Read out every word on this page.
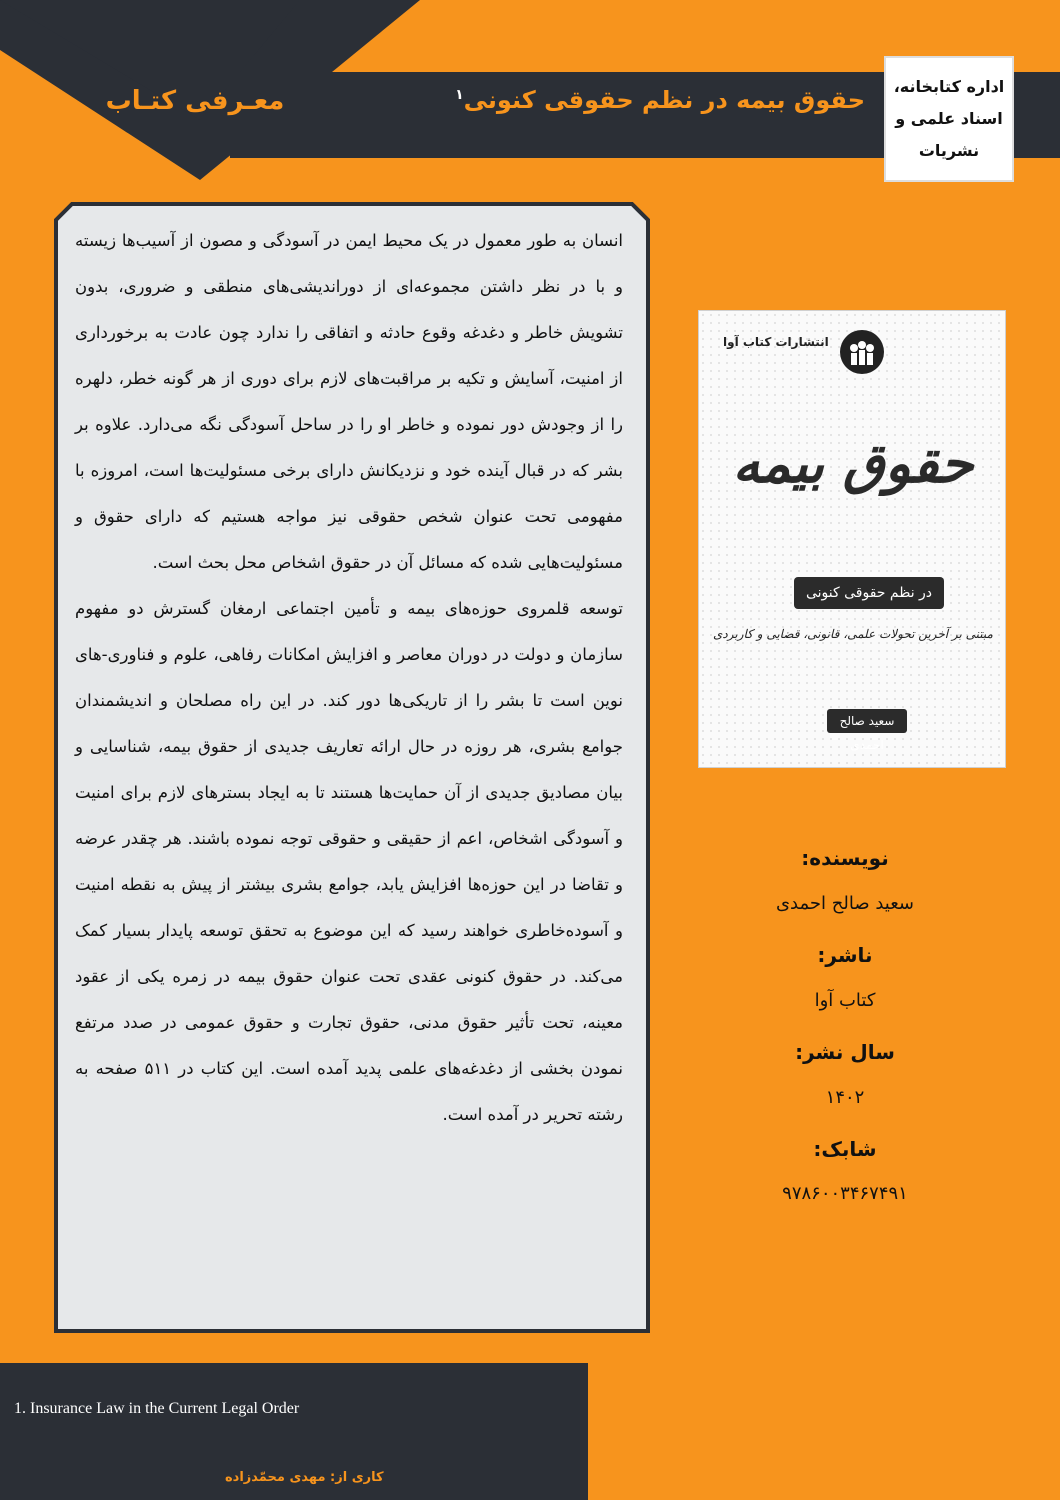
معـرفی کتـاب	حقوق بیمه در نظم حقوقی کنونی$^۱$	اداره کتابخانه،
اسناد علمی و
نشریات

انسان به طور معمول در یک محیط ایمن در آسودگی و مصون از آسیب‌ها زیسته و با در نظر داشتن مجموعه‌ای از دوراندیشی‌های منطقی و ضروری، بدون تشویش خاطر و دغدغه وقوع حادثه و اتفاقی را ندارد چون عادت به برخورداری از امنیت، آسایش و تکیه بر مراقبت‌های لازم برای دوری از هر گونه خطر، دلهره را از وجودش دور نموده و خاطر او را در ساحل آسودگی نگه می‌دارد. علاوه بر بشر که در قبال آینده خود و نزدیکانش دارای برخی مسئولیت‌ها است، امروزه با مفهومی تحت عنوان شخص حقوقی نیز مواجه هستیم که دارای حقوق و مسئولیت‌هایی شده که مسائل آن در حقوق اشخاص محل بحث است.

توسعه قلمروی حوزه‌های بیمه و تأمین اجتماعی ارمغان گسترش دو مفهوم سازمان و دولت در دوران معاصر و افزایش امکانات رفاهی، علوم و فناوری-های نوین است تا بشر را از تاریکی‌ها دور کند. در این راه مصلحان و اندیشمندان جوامع بشری، هر روزه در حال ارائه تعاریف جدیدی از حقوق بیمه، شناسایی و بیان مصادیق جدیدی از آن حمایت‌ها هستند تا به ایجاد بسترهای لازم برای امنیت و آسودگی اشخاص، اعم از حقیقی و حقوقی توجه نموده باشند. هر چقدر عرضه و تقاضا در این حوزه‌ها افزایش یابد، جوامع بشری بیشتر از پیش به نقطه امنیت و آسوده‌خاطری خواهند رسید که این موضوع به تحقق توسعه پایدار بسیار کمک می‌کند. در حقوق کنونی عقدی تحت عنوان حقوق بیمه در زمره یکی از عقود معینه، تحت تأثیر حقوق مدنی، حقوق تجارت و حقوق عمومی در صدد مرتفع نمودن بخشی از دغدغه‌های علمی پدید آمده است. این کتاب در ۵۱۱ صفحه به رشته تحریر در آمده است.

انتشارات کتاب آوا
حقوق بیمه
در نظم حقوقی کنونی
مبتنی بر آخرین تحولات علمی، قانونی، قضایی و کاربردی
سعید صالح احمدی
نویسنده:
سعید صالح احمدی
ناشر:
کتاب آوا
سال نشر:
۱۴۰۲
شابک:
۹۷۸۶۰۰۳۴۶۷۴۹۱
1. Insurance Law in the Current Legal Order
کاری از: مهدی محمّدزاده
